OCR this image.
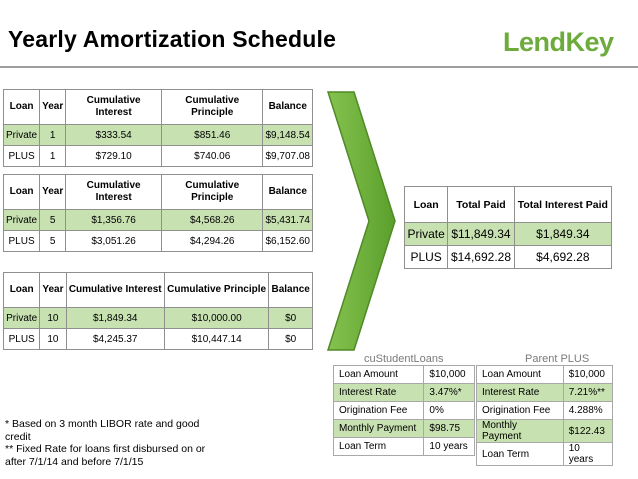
Yearly Amortization Schedule	LendKey
Loan	Year	Cumulative Interest	Cumulative Principle	Balance
Private	1	$333.54	$851.46	$9,148.54
PLUS	1	$729.10	$740.06	$9,707.08
Loan	Year	Cumulative Interest	Cumulative Principle	Balance
Private	5	$1,356.76	$4,568.26	$5,431.74
PLUS	5	$3,051.26	$4,294.26	$6,152.60
Loan	Year	Cumulative Interest	Cumulative Principle	Balance
Private	10	$1,849.34	$10,000.00	$0
PLUS	10	$4,245.37	$10,447.14	$0
Loan	Total Paid	Total Interest Paid
Private	$11,849.34	$1,849.34
PLUS	$14,692.28	$4,692.28
cuStudentLoans
Loan Amount	$10,000
Interest Rate	3.47%*
Origination Fee	0%
Monthly Payment	$98.75
Loan Term	10 years
Parent PLUS
Loan Amount	$10,000
Interest Rate	7.21%**
Origination Fee	4.288%
Monthly Payment	$122.43
Loan Term	10 years
* Based on 3 month LIBOR rate and good credit
** Fixed Rate for loans first disbursed on or after 7/1/14 and before 7/1/15
